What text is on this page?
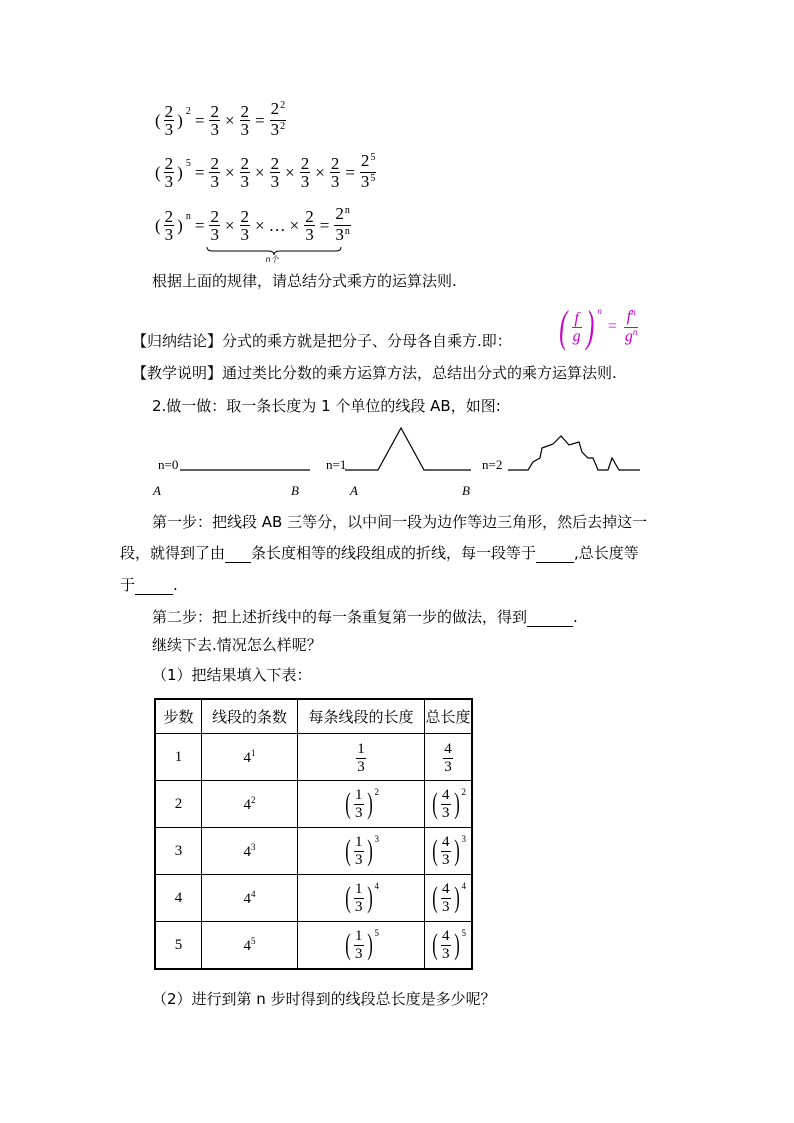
( $\frac{2}{3}$ ) $2 = \frac{2}{3} \times \frac{2}{3} = \frac{2^2}{3^2}$
( $\frac{2}{3}$ ) $5 = \frac{2}{3} \times \frac{2}{3} \times \frac{2}{3} \times \frac{2}{3} \times \frac{2}{3} = \frac{2^5}{3^5}$
( $\frac{2}{3}$ ) $n = \frac{2}{3} \times \frac{2}{3}$ × … × $\frac{2}{3}$
n个
= $\frac{2^n}{3^n}$
根据上面的规律，请总结分式乘方的运算法则.
【归纳结论】分式的乘方就是把分子、分母各自乘方.即： ( $\frac{f}{g}$ ) n
= $\frac{f^n}{g^n}$
【教学说明】通过类比分数的乘方运算方法，总结出分式的乘方运算法则.
2.做一做：取一条长度为 1 个单位的线段 AB，如图:
n=0	n=1	n=2
A	B	A	B
第一步：把线段 AB 三等分，以中间一段为边作等边三角形，然后去掉这一
段，就得到了由 条长度相等的线段组成的折线，每一段等于	,总长度等
于	.
第二步：把上述折线中的每一条重复第一步的做法，得到	.
继续下去.情况怎么样呢？
（1）把结果填入下表：
步数	线段的条数	每条线段的长度	总长度
1	$4^1$	$\frac{1}{3}$	$\frac{4}{3}$

2	$4^2$	( $\frac{1}{3}$ ) 2	( $\frac{4}{3}$ ) 2

3	$4^3$	( $\frac{1}{3}$ ) 3	( $\frac{4}{3}$ ) 3

4	$4^4$	( $\frac{1}{3}$ ) 4	( $\frac{4}{3}$ ) 4

5	$4^5$	( $\frac{1}{3}$ ) 5	( $\frac{4}{3}$ ) 5
（2）进行到第 n 步时得到的线段总长度是多少呢？
